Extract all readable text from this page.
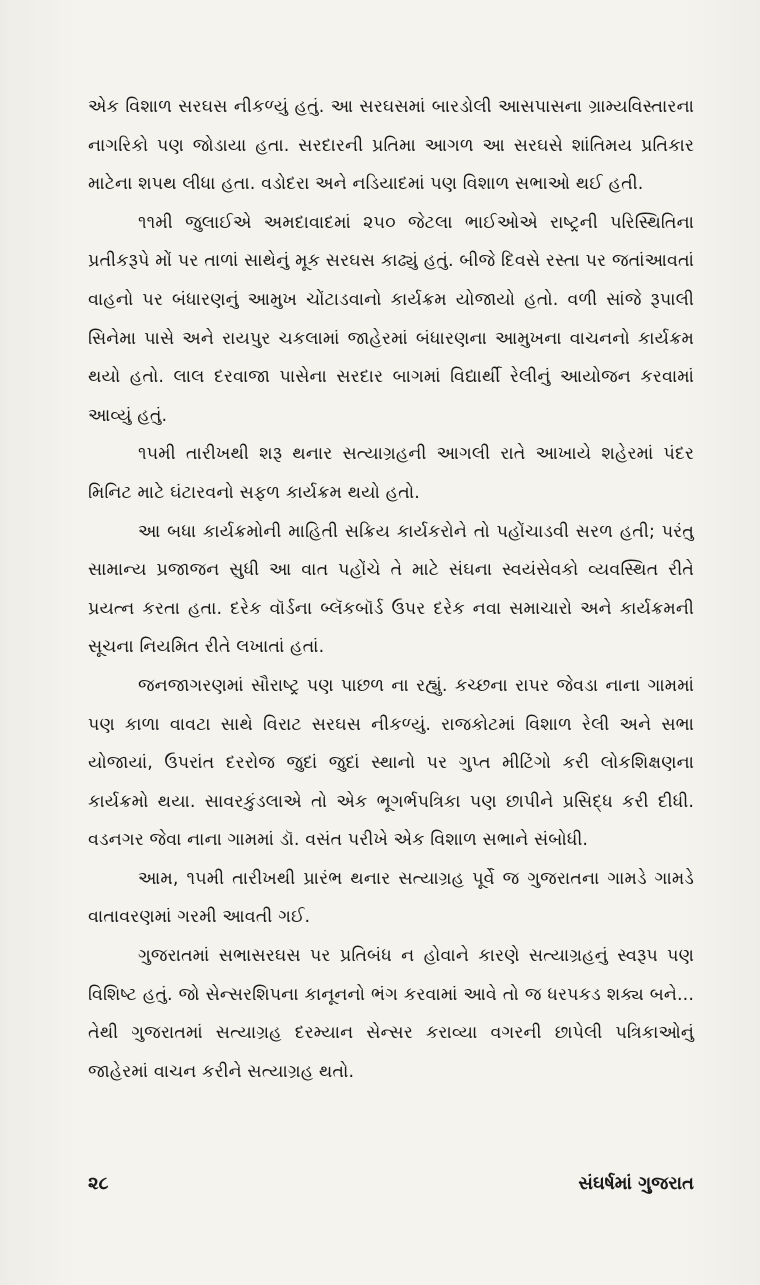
એક વિશાળ સરઘસ નીકળ્યું હતું. આ સરઘસમાં બારડોલી આસપાસના ગ્રામ્યવિસ્તારના નાગરિકો પણ જોડાયા હતા. સરદારની પ્રતિમા આગળ આ સરઘસે શાંતિમય પ્રતિકાર માટેના શપથ લીધા હતા. વડોદરા અને નડિયાદમાં પણ વિશાળ સભાઓ થઈ હતી.

૧૧મી જુલાઈએ અમદાવાદમાં ૨૫૦ જેટલા ભાઈઓએ રાષ્ટ્રની પરિસ્થિતિના પ્રતીકરૂપે મોં પર તાળાં સાથેનું મૂક સરઘસ કાઢ્યું હતું. બીજે દિવસે રસ્તા પર જતાંઆવતાં વાહનો પર બંધારણનું આમુખ ચોંટાડવાનો કાર્યક્રમ યોજાયો હતો. વળી સાંજે રૂપાલી સિનેમા પાસે અને રાયપુર ચકલામાં જાહેરમાં બંધારણના આમુખના વાચનનો કાર્યક્રમ થયો હતો. લાલ દરવાજા પાસેના સરદાર બાગમાં વિદ્યાર્થી રેલીનું આયોજન કરવામાં આવ્યું હતું.

૧૫મી તારીખથી શરૂ થનાર સત્યાગ્રહની આગલી રાતે આખાયે શહેરમાં પંદર મિનિટ માટે ઘંટારવનો સફળ કાર્યક્રમ થયો હતો.

આ બધા કાર્યક્રમોની માહિતી સક્રિય કાર્યકરોને તો પહોંચાડવી સરળ હતી; પરંતુ સામાન્ય પ્રજાજન સુધી આ વાત પહોંચે તે માટે સંઘના સ્વયંસેવકો વ્યવસ્થિત રીતે પ્રયત્ન કરતા હતા. દરેક વૉર્ડના બ્લૅકબૉર્ડ ઉપર દરેક નવા સમાચારો અને કાર્યક્રમની સૂચના નિયમિત રીતે લખાતાં હતાં.

જનજાગરણમાં સૌરાષ્ટ્ર પણ પાછળ ના રહ્યું. કચ્છના રાપર જેવડા નાના ગામમાં પણ કાળા વાવટા સાથે વિરાટ સરઘસ નીકળ્યું. રાજકોટમાં વિશાળ રેલી અને સભા યોજાયાં, ઉપરાંત દરરોજ જુદાં જુદાં સ્થાનો પર ગુપ્ત મીટિંગો કરી લોકશિક્ષણના કાર્યક્રમો થયા. સાવરકુંડલાએ તો એક ભૂગર્ભપત્રિકા પણ છાપીને પ્રસિદ્ધ કરી દીધી. વડનગર જેવા નાના ગામમાં ડૉ. વસંત પરીખે એક વિશાળ સભાને સંબોધી.

આમ, ૧૫મી તારીખથી પ્રારંભ થનાર સત્યાગ્રહ પૂર્વે જ ગુજરાતના ગામડે ગામડે વાતાવરણમાં ગરમી આવતી ગઈ.

ગુજરાતમાં સભાસરઘસ પર પ્રતિબંધ ન હોવાને કારણે સત્યાગ્રહનું સ્વરૂપ પણ વિશિષ્ટ હતું. જો સેન્સરશિપના કાનૂનનો ભંગ કરવામાં આવે તો જ ધરપકડ શક્ય બને... તેથી ગુજરાતમાં સત્યાગ્રહ દરમ્યાન સેન્સર કરાવ્યા વગરની છાપેલી પત્રિકાઓનું જાહેરમાં વાચન કરીને સત્યાગ્રહ થતો.

૨૮	સંઘર્ષમાં ગુજરાત
